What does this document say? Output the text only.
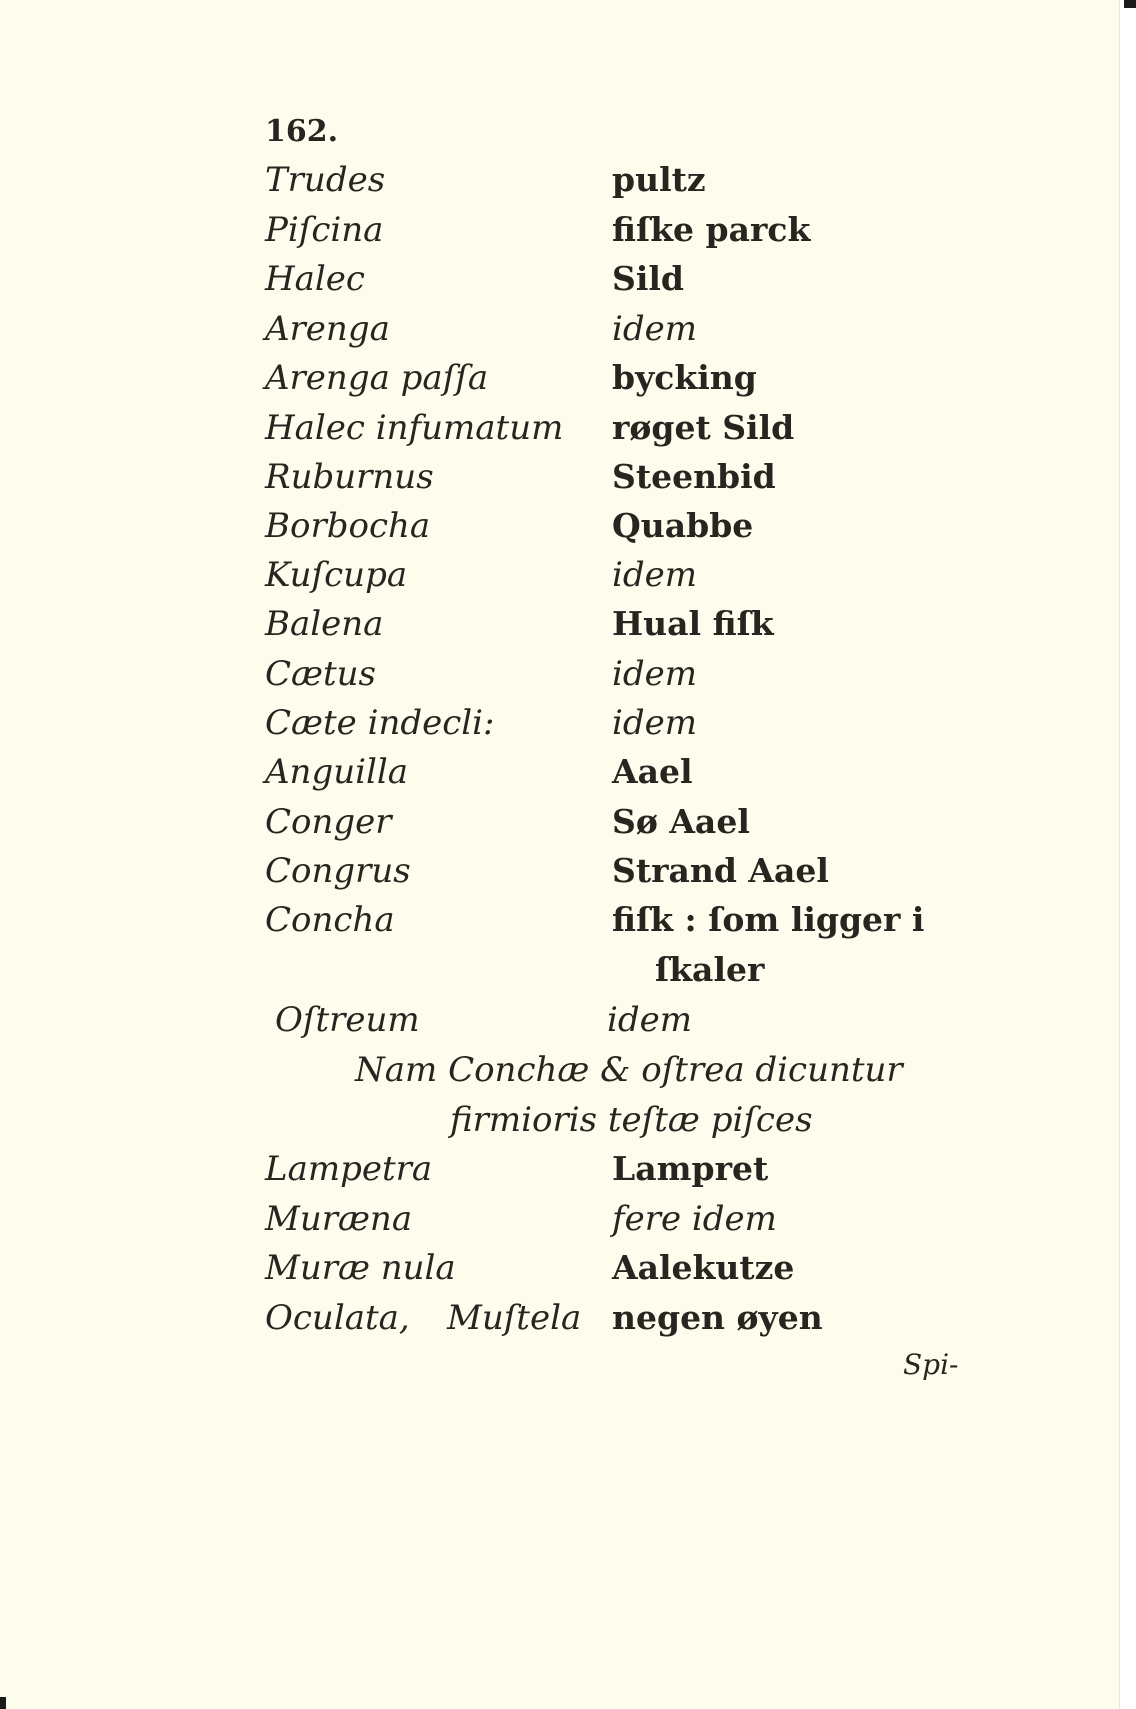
162.
Trudes
Piſcina
Halec
Arenga
Arenga paſſa
Halec infumatum
Ruburnus
Borbocha
Kuſcupa
Balena
Cætus
Cæte indecli:
Anguilla
Conger
Congrus
Concha
Oſtreum
pultz
fiſke parck
Sild
idem
bycking
røget Sild
Steenbid
Quabbe
idem
Hual fiſk
idem
idem
Aael
Sø Aael
Strand Aael
fiſk : ſom ligger i
ſkaler
idem
Nam Conchæ & oſtrea dicuntur
firmioris teſtæ piſces
Lampetra
Muræna
Muræ nula
Oculata, Muſtela
Lampret
fere idem
Aalekutze
negen øyen
Spi-
